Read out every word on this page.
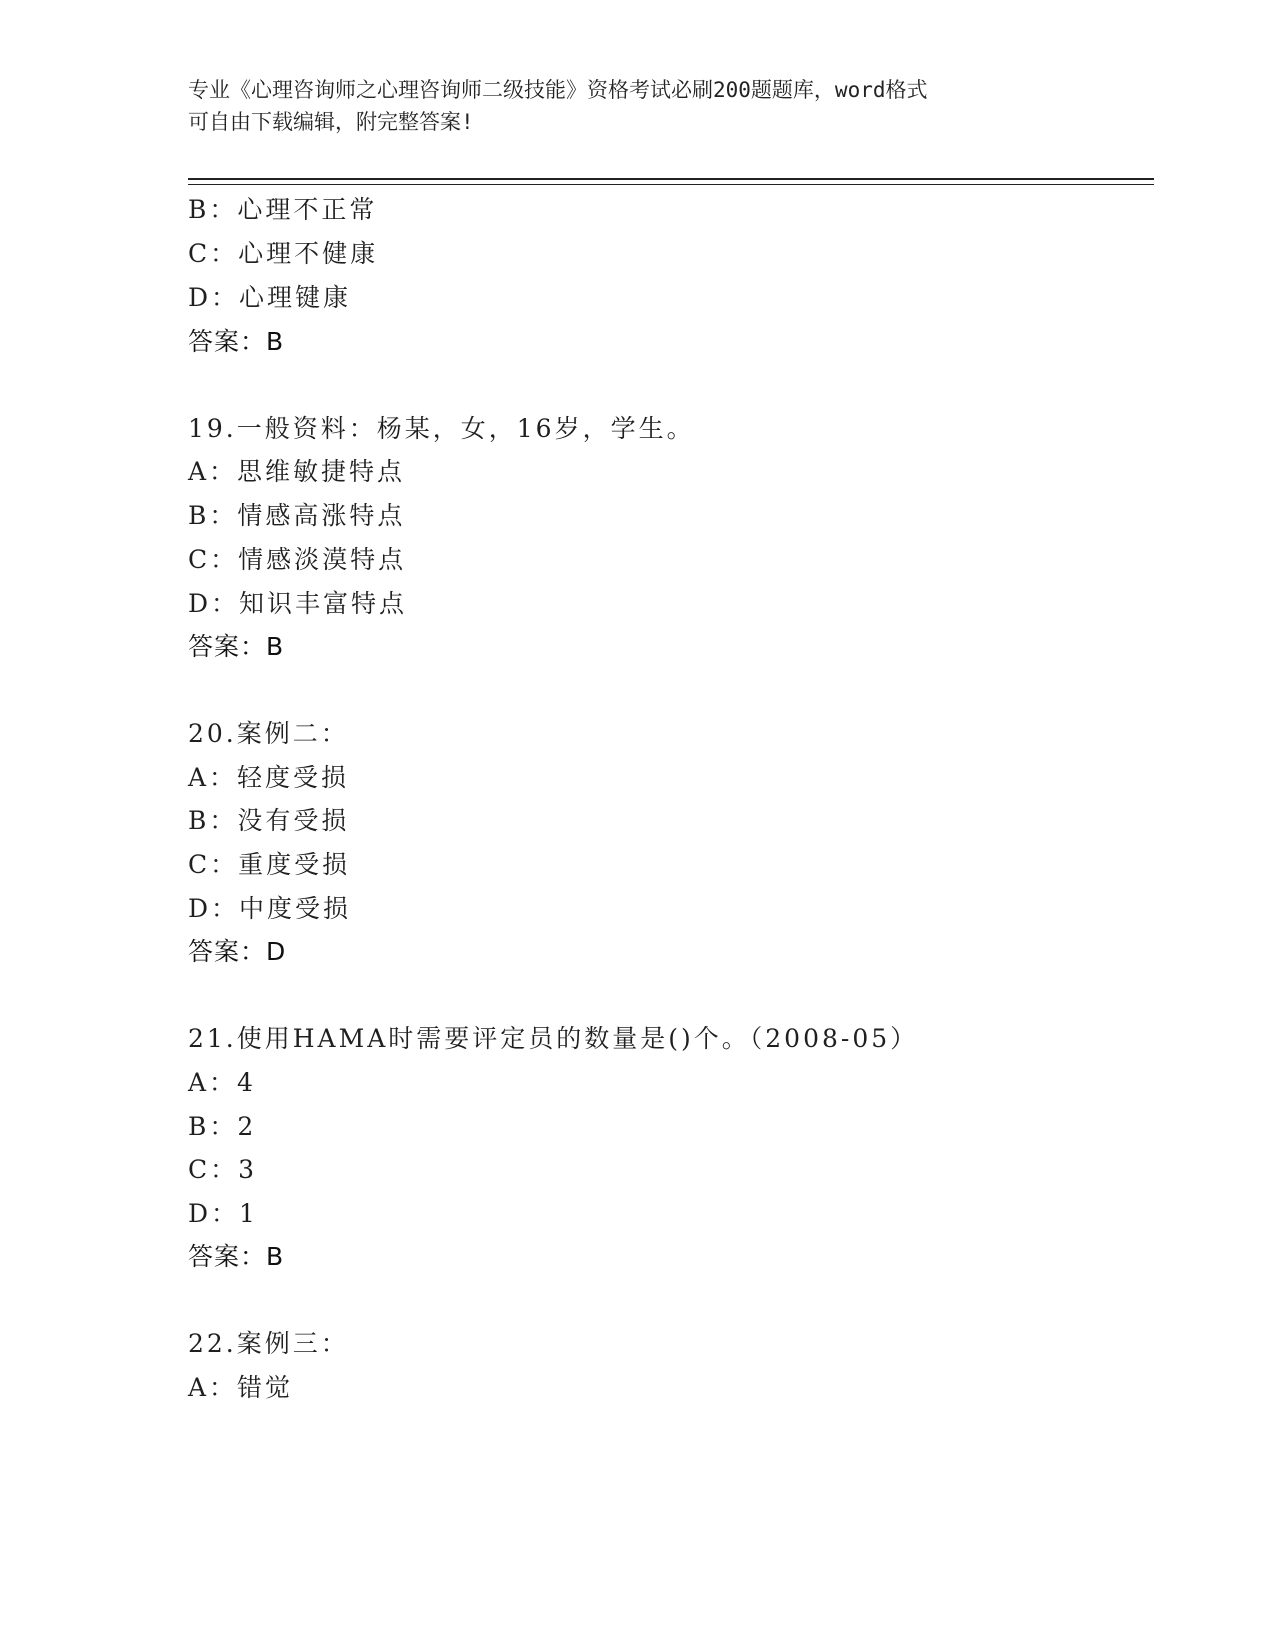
专业《心理咨询师之心理咨询师二级技能》资格考试必刷200题题库，word格式
可自由下载编辑，附完整答案!
B：心理不正常
C：心理不健康
D：心理键康
答案：B
19.一般资料：杨某，女，16岁，学生。
A：思维敏捷特点
B：情感高涨特点
C：情感淡漠特点
D：知识丰富特点
答案：B
20.案例二：
A：轻度受损
B：没有受损
C：重度受损
D：中度受损
答案：D
21.使用HAMA时需要评定员的数量是()个。（2008-05）
A：4
B：2
C：3
D：1
答案：B
22.案例三：
A：错觉
